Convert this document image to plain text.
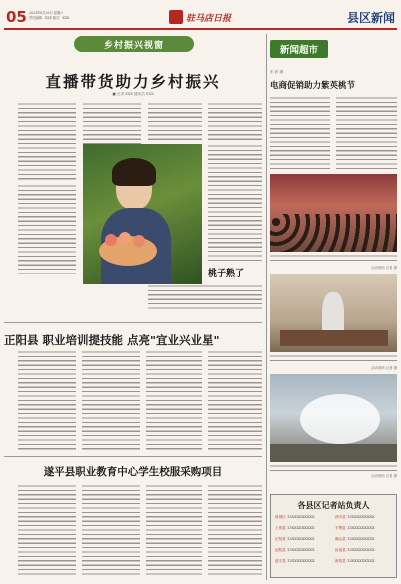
05 2023年8月26日 星期六
责任编辑：XXX 版式：XXX	驻马店日报	县区新闻
乡村振兴视窗
直播带货助力乡村振兴
■ 记者 XXX 通讯员 XXX
桃子熟了
正阳县 职业培训提技能 点亮"宜业兴业星"
遂平县职业教育中心学生校服采购项目
新闻超市
东 欣 摄
电商促销助力紫英桃节
活动现场 记者 摄
活动现场 记者 摄
活动现场 记者 摄
各县区记者站负责人
驿城区 13XXXXXXXXX	西平县 13XXXXXXXXX
上蔡县 13XXXXXXXXX	平舆县 13XXXXXXXXX
正阳县 13XXXXXXXXX	确山县 13XXXXXXXXX
泌阳县 13XXXXXXXXX	汝南县 13XXXXXXXXX
遂平县 13XXXXXXXXX	新蔡县 13XXXXXXXXX
